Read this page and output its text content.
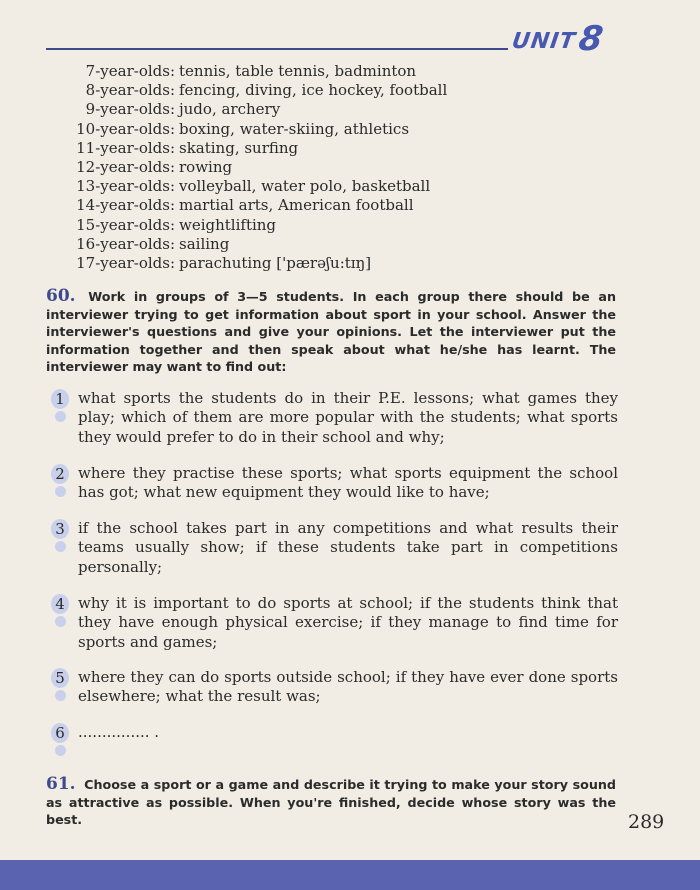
UNIT 8
7-year-olds: tennis, table tennis, badminton
8-year-olds: fencing, diving, ice hockey, football
9-year-olds: judo, archery
10-year-olds: boxing, water-skiing, athletics
11-year-olds: skating, surfing
12-year-olds: rowing
13-year-olds: volleyball, water polo, basketball
14-year-olds: martial arts, American football
15-year-olds: weightlifting
16-year-olds: sailing
17-year-olds: parachuting ['pærəʃu:tɪŋ]
60. Work in groups of 3—5 students. In each group there should be an interviewer trying to get information about sport in your school. Answer the interviewer's questions and give your opinions. Let the interviewer put the information together and then speak about what he/she has learnt. The interviewer may want to find out:
1 what sports the students do in their P.E. lessons; what games they play; which of them are more popular with the students; what sports they would prefer to do in their school and why;
2 where they practise these sports; what sports equipment the school has got; what new equipment they would like to have;
3 if the school takes part in any competitions and what results their teams usually show; if these students take part in competitions personally;
4 why it is important to do sports at school; if the students think that they have enough physical exercise; if they manage to find time for sports and games;
5 where they can do sports outside school; if they have ever done sports elsewhere; what the result was;
6 ............... .
61. Choose a sport or a game and describe it trying to make your story sound as attractive as possible. When you're finished, decide whose story was the best.	289
